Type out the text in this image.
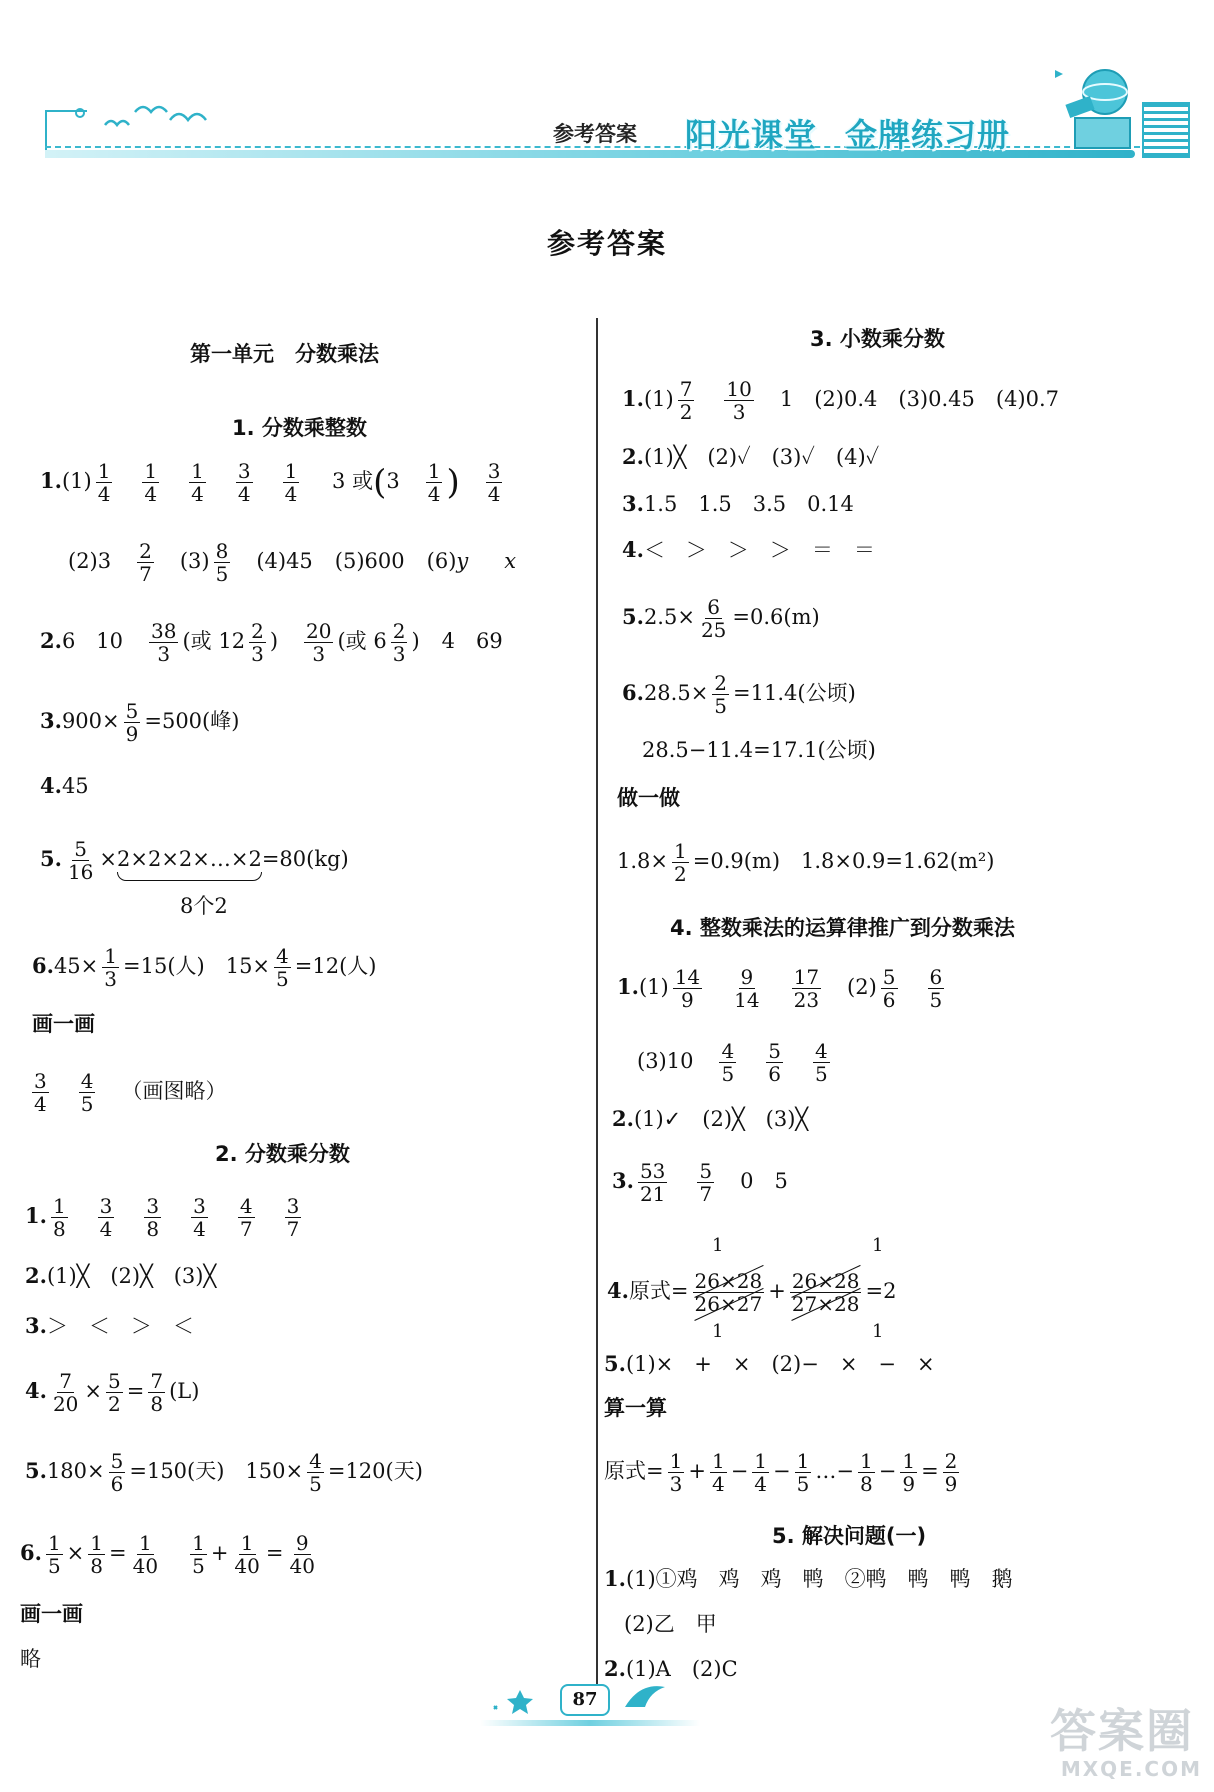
参考答案 阳光课堂 金牌练习册
参考答案
第一单元　分数乘法
1. 分数乘整数
$1.(1) \frac{1}{4} \frac{1}{4} \frac{1}{4} \frac{3}{4} \frac{1}{4} 3$ 或($3 \frac{1}{4}$ ) $\frac{3}{4}$
$(2)3 \frac{2}{7} (3) \frac{8}{5} (4)45$ (5)600 (6)y x
2.6　$10 \frac{38}{3}$ (或 $12 \frac{2}{3}$ ) $\frac{20}{3}$ (或 $6 \frac{2}{3}$ ) 4　69
$3.900\times \frac{5}{9} =500$(峰)
4.45
5. $\frac{5}{16}$ ×2×2×2×…×2=80(kg)
8个2
$6.45\times \frac{1}{3} =15$(人)　$15\times \frac{4}{5} =12$(人)
画一画
$\frac{3}{4} \frac{4}{5}$ （画图略）
2. 分数乘分数
1. $\frac{1}{8} \frac{3}{4} \frac{3}{8} \frac{3}{4} \frac{4}{7} \frac{3}{7}$
2.(1)╳　(2)╳　(3)╳
3.＞　＜　＞　＜
4. $\frac{7}{20} \times \frac{5}{2} = \frac{7}{8} (L)$
$5.180\times \frac{5}{6} =150$(天)　$150\times \frac{4}{5} =120$(天)
6. $\frac{1}{5} \times \frac{1}{8} = \frac{1}{40} \frac{1}{5} + \frac{1}{40} = \frac{9}{40}$
画一画
略
3. 小数乘分数
$1.(1) \frac{7}{2} \frac{10}{3} 1$　(2)0.4　(3)0.45　(4)0.7
2.(1)╳　(2)✓　(3)✓　(4)✓
3.1.5　1.5　3.5　0.14
4.＜　＞　＞　＞　＝　＝
$5.2.5\times \frac{6}{25} =0.6(m)$
$6.28.5\times \frac{2}{5} =11.4$(公顷)
28.5−11.4=17.1(公顷)
做一做
$1.8\times \frac{1}{2} =0.9(m)$　1.8×0.9=1.62(m²)
4. 整数乘法的运算律推广到分数乘法
$1.(1) \frac{14}{9} \frac{9}{14} \frac{17}{23} (2) \frac{5}{6} \frac{6}{5}$
$(3)10 \frac{4}{5} \frac{5}{6} \frac{4}{5}$
2.(1)✓　(2)╳　(3)╳
3. $\frac{53}{21} \frac{5}{7} 0$　5
4.原式= $\frac{26\times 28}{26\times 27} + \frac{26\times 28}{27\times 28} =2$
1
1
1
1
5.(1)×　+　×　(2)−　×　−　×
算一算
原式= $\frac{1}{3} + \frac{1}{4} - \frac{1}{4} - \frac{1}{5}$ …− $\frac{1}{8} - \frac{1}{9} = \frac{2}{9}$
5. 解决问题(一)
1.(1)①鸡　鸡　鸡　鸭　②鸭　鸭　鸭　鹅
(2)乙　甲
2.(1)A　(2)C
87
答案圈
MXQE.COM
